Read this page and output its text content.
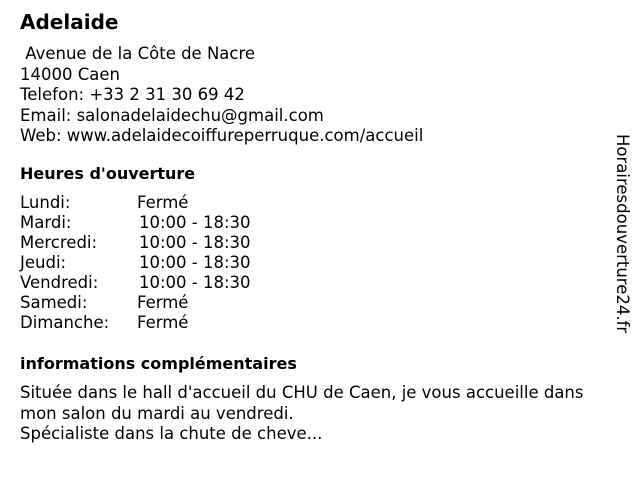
Adelaide
Avenue de la Côte de Nacre
14000 Caen
Telefon: +33 2 31 30 69 42
Email: salonadelaidechu@gmail.com
Web: www.adelaidecoiffureperruque.com/accueil
Heures d'ouverture
Lundi:	Fermé
Mardi:	10:00 - 18:30
Mercredi:	10:00 - 18:30
Jeudi:	10:00 - 18:30
Vendredi:	10:00 - 18:30
Samedi:	Fermé
Dimanche:	Fermé
informations complémentaires
Située dans le hall d'accueil du CHU de Caen, je vous accueille dans mon salon du mardi au vendredi.
Spécialiste dans la chute de cheve...
Horairesdouverture24.fr
